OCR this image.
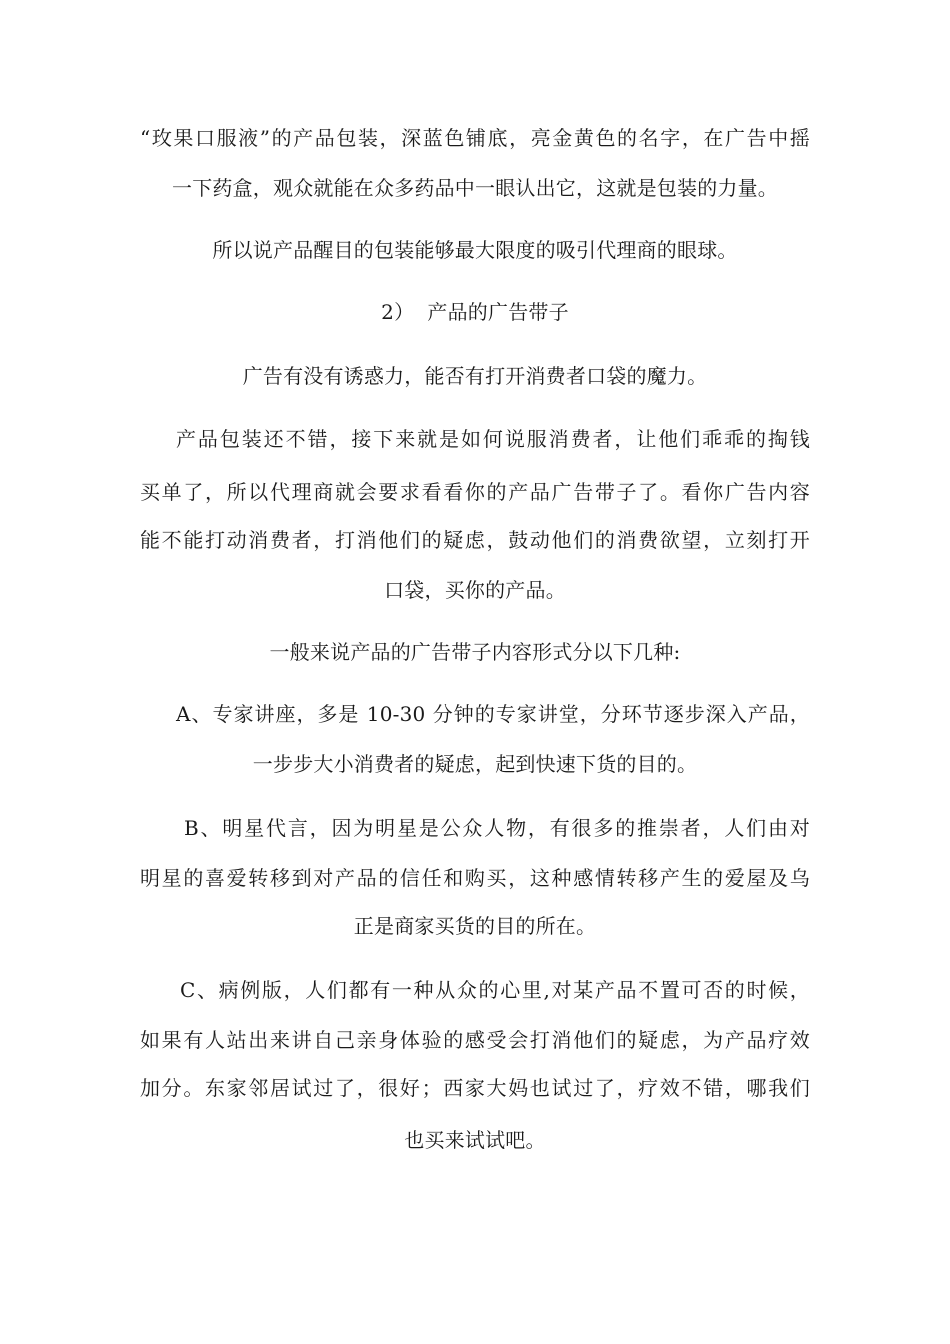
“玫果口服液”的产品包装，深蓝色铺底，亮金黄色的名字，在广告中摇
一下药盒，观众就能在众多药品中一眼认出它，这就是包装的力量。
所以说产品醒目的包装能够最大限度的吸引代理商的眼球。
2）  产品的广告带子
广告有没有诱惑力，能否有打开消费者口袋的魔力。
产品包装还不错，接下来就是如何说服消费者，让他们乖乖的掏钱
买单了，所以代理商就会要求看看你的产品广告带子了。看你广告内容
能不能打动消费者，打消他们的疑虑，鼓动他们的消费欲望，立刻打开
口袋，买你的产品。
一般来说产品的广告带子内容形式分以下几种:
A、专家讲座，多是 10-30 分钟的专家讲堂，分环节逐步深入产品，
一步步大小消费者的疑虑，起到快速下货的目的。
B、明星代言，因为明星是公众人物，有很多的推崇者，人们由对
明星的喜爱转移到对产品的信任和购买，这种感情转移产生的爱屋及乌
正是商家买货的目的所在。
C、病例版，人们都有一种从众的心里,对某产品不置可否的时候，
如果有人站出来讲自己亲身体验的感受会打消他们的疑虑，为产品疗效
加分。东家邻居试过了，很好；西家大妈也试过了，疗效不错，哪我们
也买来试试吧。
